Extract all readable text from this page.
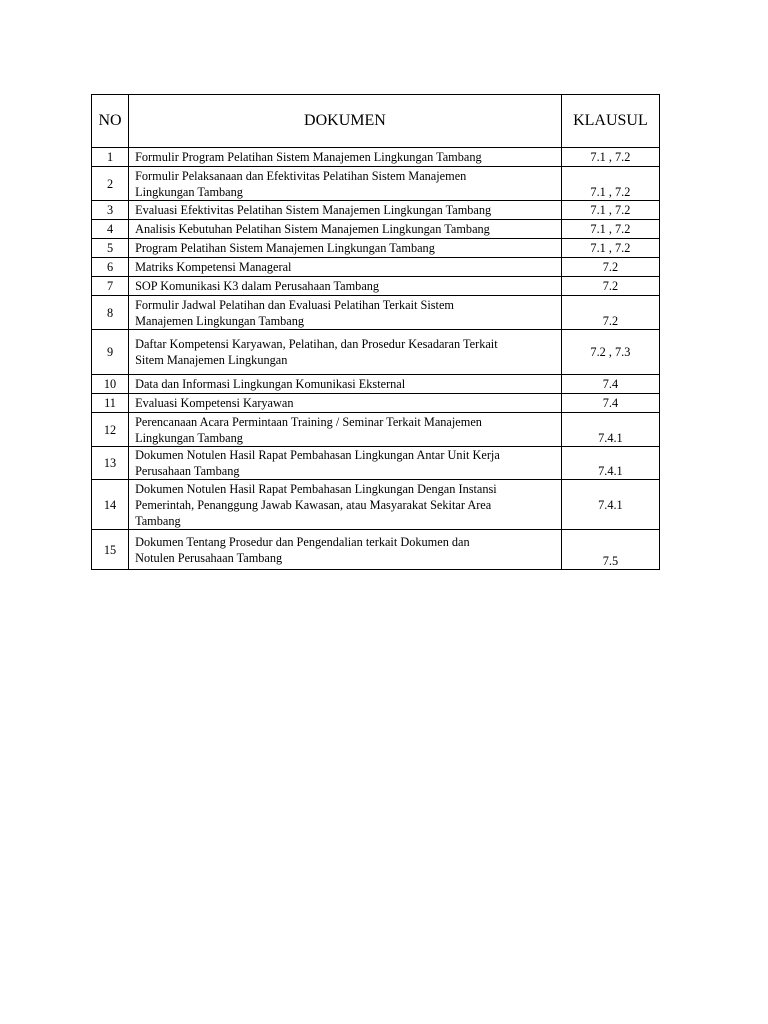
NO	DOKUMEN	KLAUSUL
1	Formulir Program Pelatihan Sistem Manajemen Lingkungan Tambang	7.1 , 7.2
2	Formulir Pelaksanaan dan Efektivitas Pelatihan Sistem Manajemen
Lingkungan Tambang	7.1 , 7.2
3	Evaluasi Efektivitas Pelatihan Sistem Manajemen Lingkungan Tambang	7.1 , 7.2
4	Analisis Kebutuhan Pelatihan Sistem Manajemen Lingkungan Tambang	7.1 , 7.2
5	Program Pelatihan Sistem Manajemen Lingkungan Tambang	7.1 , 7.2
6	Matriks Kompetensi Manageral	7.2
7	SOP Komunikasi K3 dalam Perusahaan Tambang	7.2
8	Formulir Jadwal Pelatihan dan Evaluasi Pelatihan Terkait Sistem
Manajemen Lingkungan Tambang	7.2
9	Daftar Kompetensi Karyawan, Pelatihan, dan Prosedur Kesadaran Terkait
Sitem Manajemen Lingkungan	7.2 , 7.3
10	Data dan Informasi Lingkungan Komunikasi Eksternal	7.4
11	Evaluasi Kompetensi Karyawan	7.4
12	Perencanaan Acara Permintaan Training / Seminar Terkait Manajemen
Lingkungan Tambang	7.4.1
13	Dokumen Notulen Hasil Rapat Pembahasan Lingkungan Antar Unit Kerja
Perusahaan Tambang	7.4.1
14	Dokumen Notulen Hasil Rapat Pembahasan Lingkungan Dengan Instansi
Pemerintah, Penanggung Jawab Kawasan, atau Masyarakat Sekitar Area
Tambang	7.4.1
15	Dokumen Tentang Prosedur dan Pengendalian terkait Dokumen dan
Notulen Perusahaan Tambang	7.5
